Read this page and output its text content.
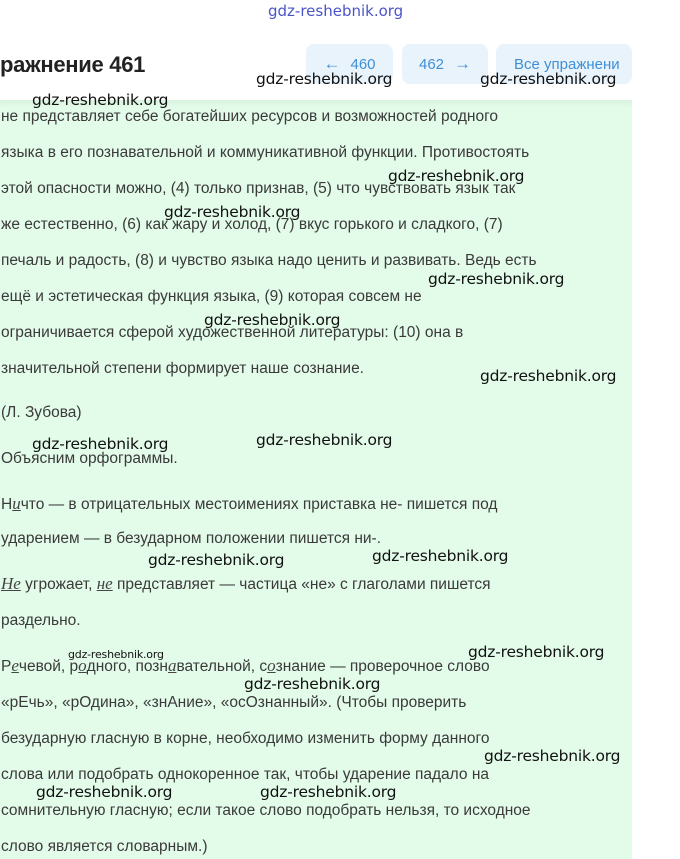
gdz-reshebnik.org
ражнение 461	← 460	462 →	Все упражнени
не представляет себе богатейших ресурсов и возможностей родного
языка в его познавательной и коммуникативной функции. Противостоять
этой опасности можно, (4) только признав, (5) что чувствовать язык так
же естественно, (6) как жару и холод, (7) вкус горького и сладкого, (7)
печаль и радость, (8) и чувство языка надо ценить и развивать. Ведь есть
ещё и эстетическая функция языка, (9) которая совсем не
ограничивается сферой художественной литературы: (10) она в
значительной степени формирует наше сознание.
(Л. Зубова)
Объясним орфограммы.
Ничто — в отрицательных местоимениях приставка не- пишется под
ударением — в безударном положении пишется ни-.
Не угрожает, не представляет — частица «не» с глаголами пишется
раздельно.
Речевой, родного, познавательной, сознание — проверочное слово
«рЕчь», «рОдина», «знАние», «осОзнанный». (Чтобы проверить
безударную гласную в корне, необходимо изменить форму данного
слова или подобрать однокоренное так, чтобы ударение падало на
сомнительную гласную; если такое слово подобрать нельзя, то исходное
слово является словарным.)
gdz-reshebnik.org	gdz-reshebnik.org
gdz-reshebnik.org
gdz-reshebnik.org
gdz-reshebnik.org
gdz-reshebnik.org
gdz-reshebnik.org
gdz-reshebnik.org
gdz-reshebnik.org
gdz-reshebnik.org
gdz-reshebnik.org
gdz-reshebnik.org
gdz-reshebnik.org
gdz-reshebnik.org
gdz-reshebnik.org
gdz-reshebnik.org
gdz-reshebnik.org	gdz-reshebnik.org
